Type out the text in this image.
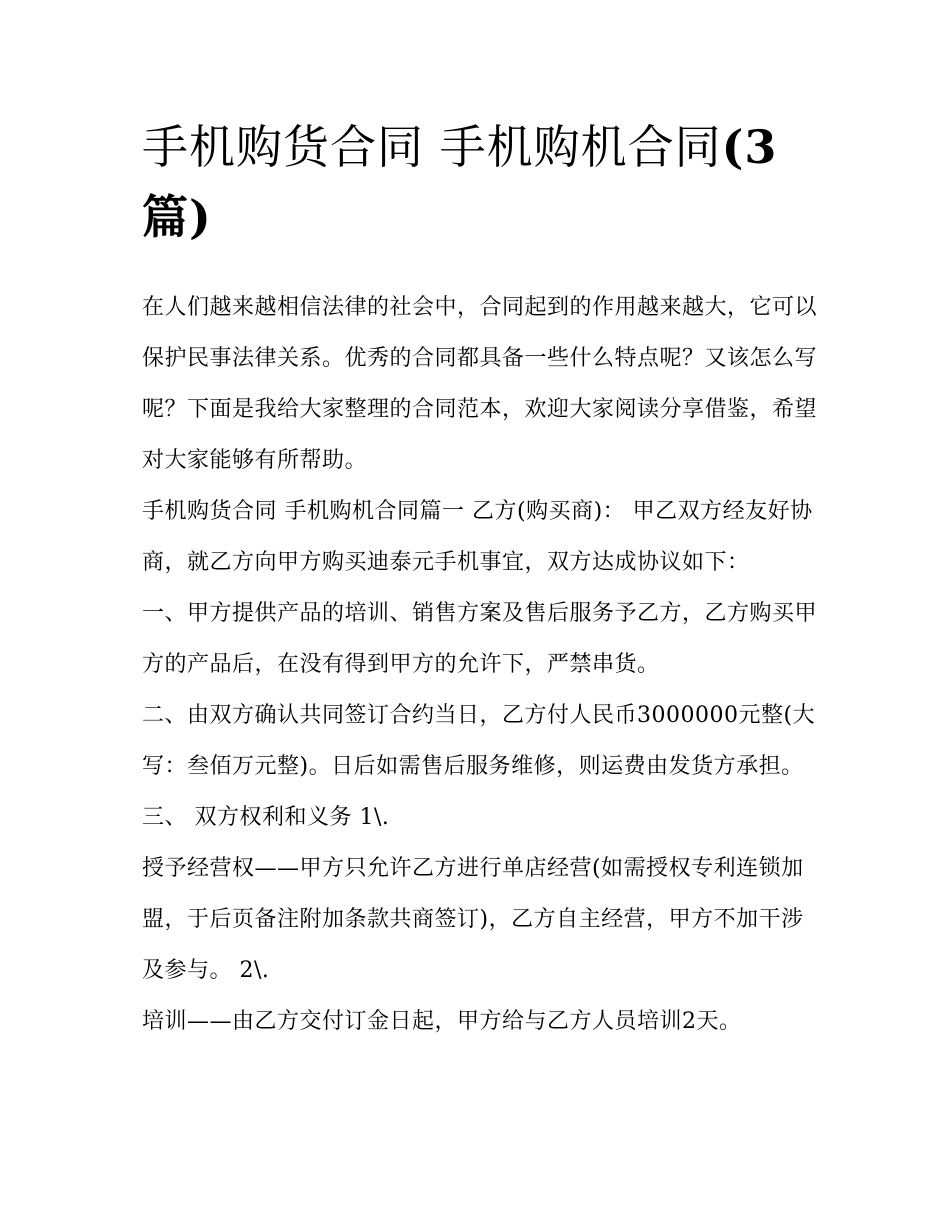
手机购货合同 手机购机合同(3篇)

在人们越来越相信法律的社会中，合同起到的作用越来越大，它可以保护民事法律关系。优秀的合同都具备一些什么特点呢？又该怎么写呢？下面是我给大家整理的合同范本，欢迎大家阅读分享借鉴，希望对大家能够有所帮助。

手机购货合同 手机购机合同篇一 乙方(购买商)： 甲乙双方经友好协商，就乙方向甲方购买迪泰元手机事宜，双方达成协议如下：

一、甲方提供产品的培训、销售方案及售后服务予乙方，乙方购买甲方的产品后，在没有得到甲方的允许下，严禁串货。

二、由双方确认共同签订合约当日，乙方付人民币3000000元整(大写：叁佰万元整)。日后如需售后服务维修，则运费由发货方承担。 三、 双方权利和义务 1\.

授予经营权——甲方只允许乙方进行单店经营(如需授权专利连锁加盟，于后页备注附加条款共商签订)，乙方自主经营，甲方不加干涉及参与。 2\.

培训——由乙方交付订金日起，甲方给与乙方人员培训2天。
